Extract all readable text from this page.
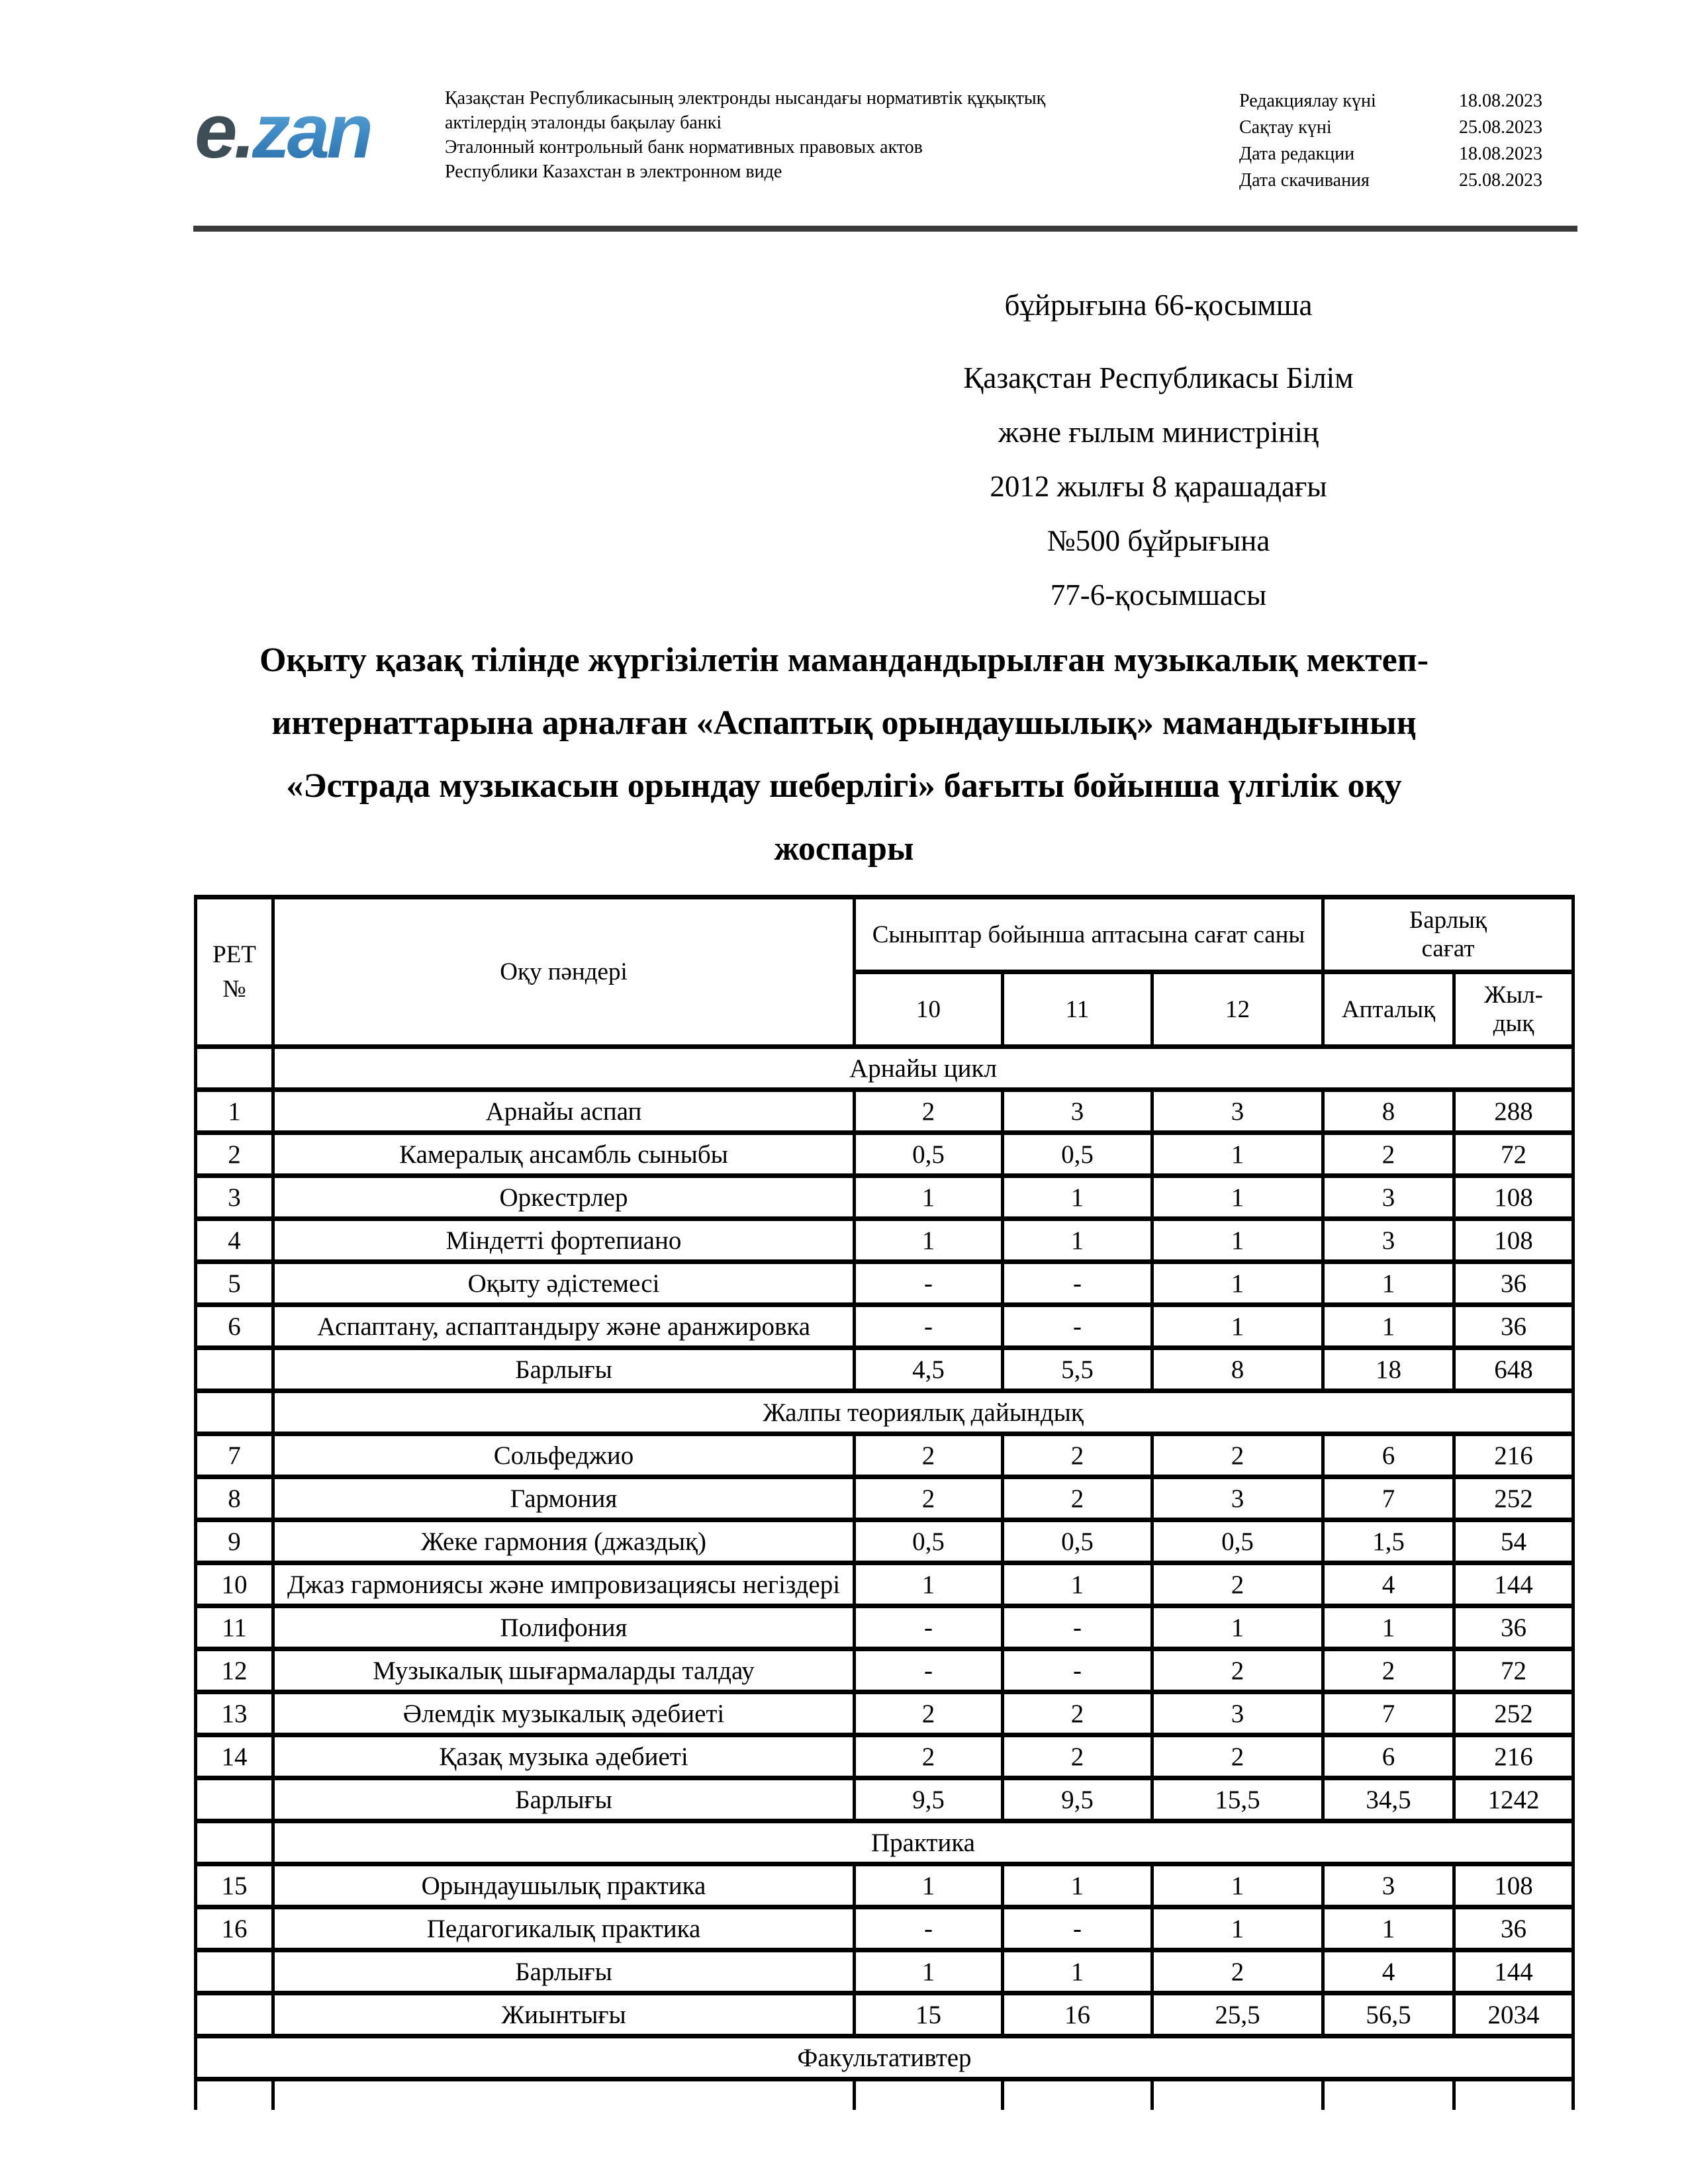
e.zan	Қазақстан Республикасының электронды нысандағы нормативтік құқықтық
актілердің эталонды бақылау банкі
Эталонный контрольный банк нормативных правовых актов
Республики Казахстан в электронном виде
Редакциялау күні	18.08.2023
Сақтау күні	25.08.2023
Дата редакции	18.08.2023
Дата скачивания	25.08.2023
бұйрығына 66-қосымша
Қазақстан Республикасы Білім
және ғылым министрінің
2012 жылғы 8 қарашадағы
№500 бұйрығына
77-6-қосымшасы
Оқыту қазақ тілінде жүргізілетін мамандандырылған музыкалық мектеп-
интернаттарына арналған «Аспаптық орындаушылық» мамандығының
«Эстрада музыкасын орындау шеберлігі» бағыты бойынша үлгілік оқу
жоспары
РЕТ
№
	Оқу пәндері	Сыныптар бойынша аптасына сағат саны	
Барлық
сағат

		10	11	12	Апталық	Жыл-
дық

	Арнайы цикл					
1	Арнайы аспап	2	3	3	8	288
2	Камералық ансамбль сыныбы	0,5	0,5	1	2	72
3	Оркестрлер	1	1	1	3	108
4	Міндетті фортепиано	1	1	1	3	108
5	Оқыту әдістемесі	-	-	1	1	36
6	Аспаптану, аспаптандыру және аранжировка	-	-	1	1	36
	Барлығы	4,5	5,5	8	18	648
	Жалпы теориялық дайындық					
7	Сольфеджио	2	2	2	6	216
8	Гармония	2	2	3	7	252
9	Жеке гармония (джаздық)	0,5	0,5	0,5	1,5	54
10	Джаз гармониясы және импровизациясы негіздері	1	1	2	4	144
11	Полифония	-	-	1	1	36
12	Музыкалық шығармаларды талдау	-	-	2	2	72
13	Әлемдік музыкалық әдебиеті	2	2	3	7	252
14	Қазақ музыка әдебиеті	2	2	2	6	216
	Барлығы	9,5	9,5	15,5	34,5	1242
	Практика					
15	Орындаушылық практика	1	1	1	3	108
16	Педагогикалық практика	-	-	1	1	36
	Барлығы	1	1	2	4	144
	Жиынтығы	15	16	25,5	56,5	2034
Факультативтер						
